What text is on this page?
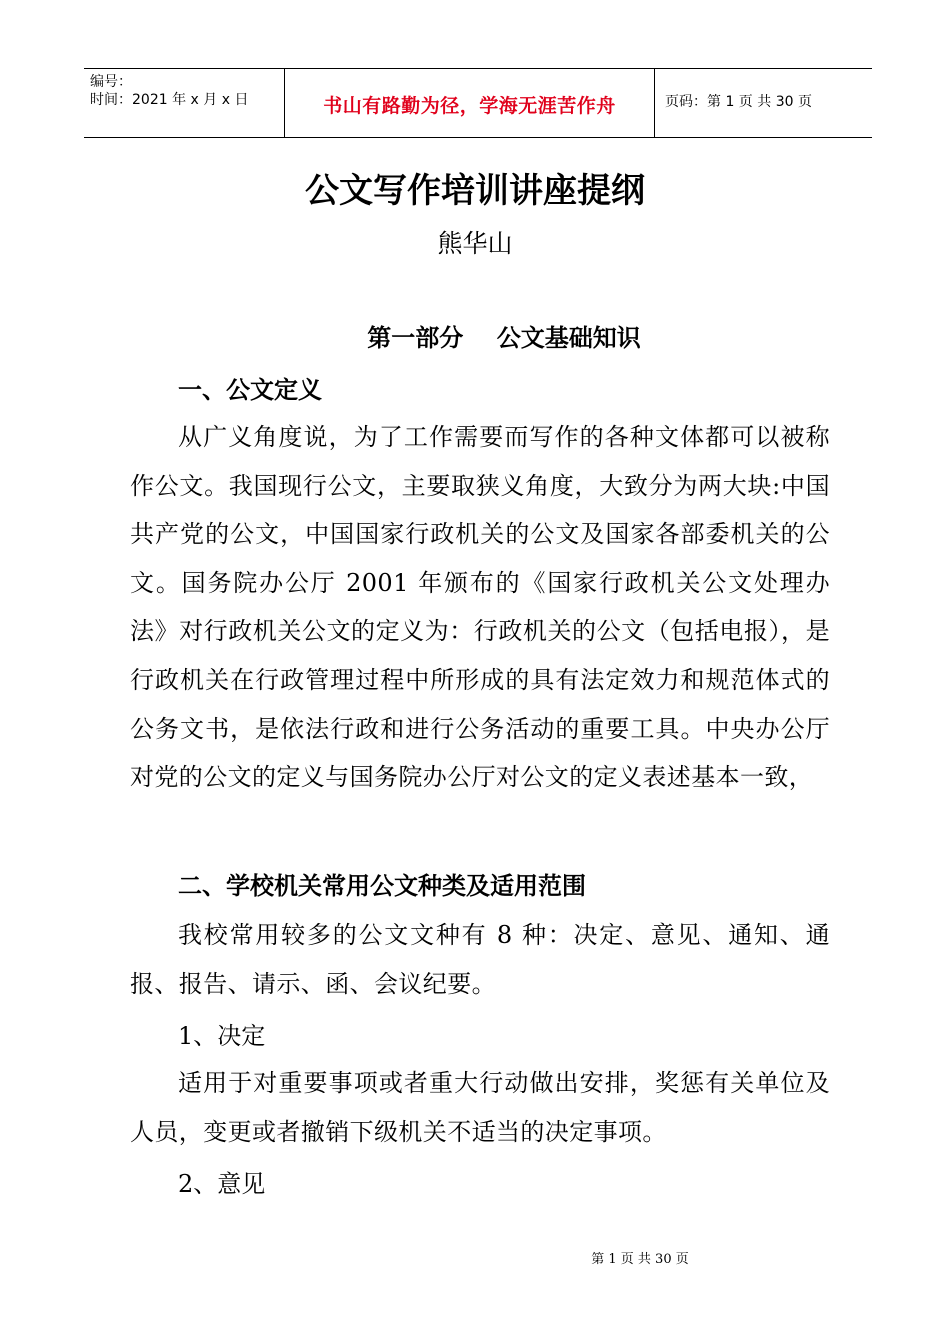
编号：
时间：2021 年 x 月 x 日	书山有路勤为径，学海无涯苦作舟	页码：第 1 页 共 30 页
公文写作培训讲座提纲
熊华山
第一部分    公文基础知识
一、公文定义
从广义角度说，为了工作需要而写作的各种文体都可以被称作公文。我国现行公文，主要取狭义角度，大致分为两大块:中国共产党的公文，中国国家行政机关的公文及国家各部委机关的公文。国务院办公厅 2001 年颁布的《国家行政机关公文处理办法》对行政机关公文的定义为：行政机关的公文（包括电报），是行政机关在行政管理过程中所形成的具有法定效力和规范体式的公务文书，是依法行政和进行公务活动的重要工具。中央办公厅对党的公文的定义与国务院办公厅对公文的定义表述基本一致，
二、学校机关常用公文种类及适用范围
我校常用较多的公文文种有 8 种：决定、意见、通知、通报、报告、请示、函、会议纪要。
1、决定
适用于对重要事项或者重大行动做出安排，奖惩有关单位及人员，变更或者撤销下级机关不适当的决定事项。
2、意见
第 1 页 共 30 页
